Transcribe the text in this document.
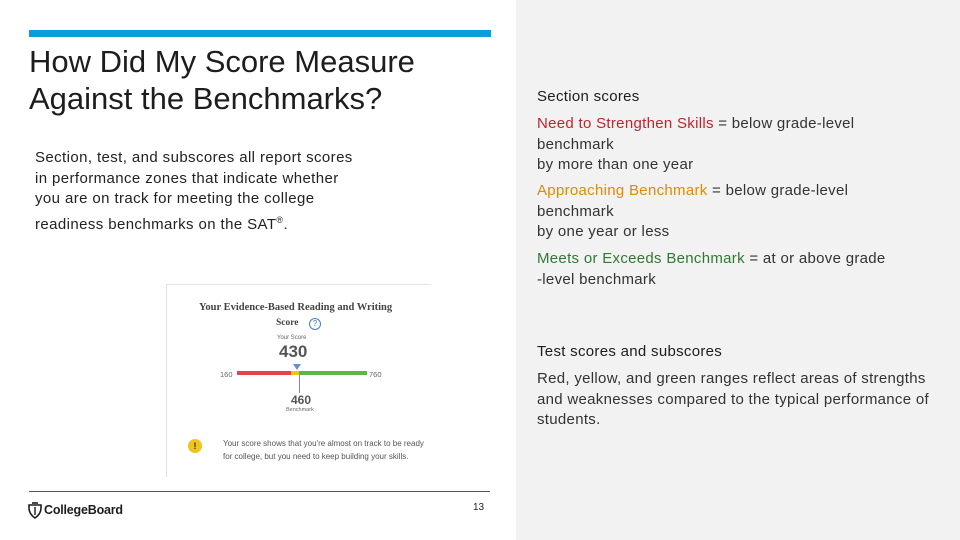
How Did My Score Measure Against the Benchmarks?
Section, test, and subscores all report scores in performance zones that indicate whether you are on track for meeting the college readiness benchmarks on the SAT®.
Your Evidence-Based Reading and Writing
Score	?
Your Score
430
160	760
460
Benchmark
!	Your score shows that you're almost on track to be ready for college, but you need to keep building your skills.
Section scores
Need to Strengthen Skills = below grade-level
benchmark
by more than one year
Approaching Benchmark = below grade-level
benchmark
by one year or less
Meets or Exceeds Benchmark = at or above grade
-level benchmark
Test scores and subscores
Red, yellow, and green ranges reflect areas of strengths and weaknesses compared to the typical performance of students.
CollegeBoard	13
